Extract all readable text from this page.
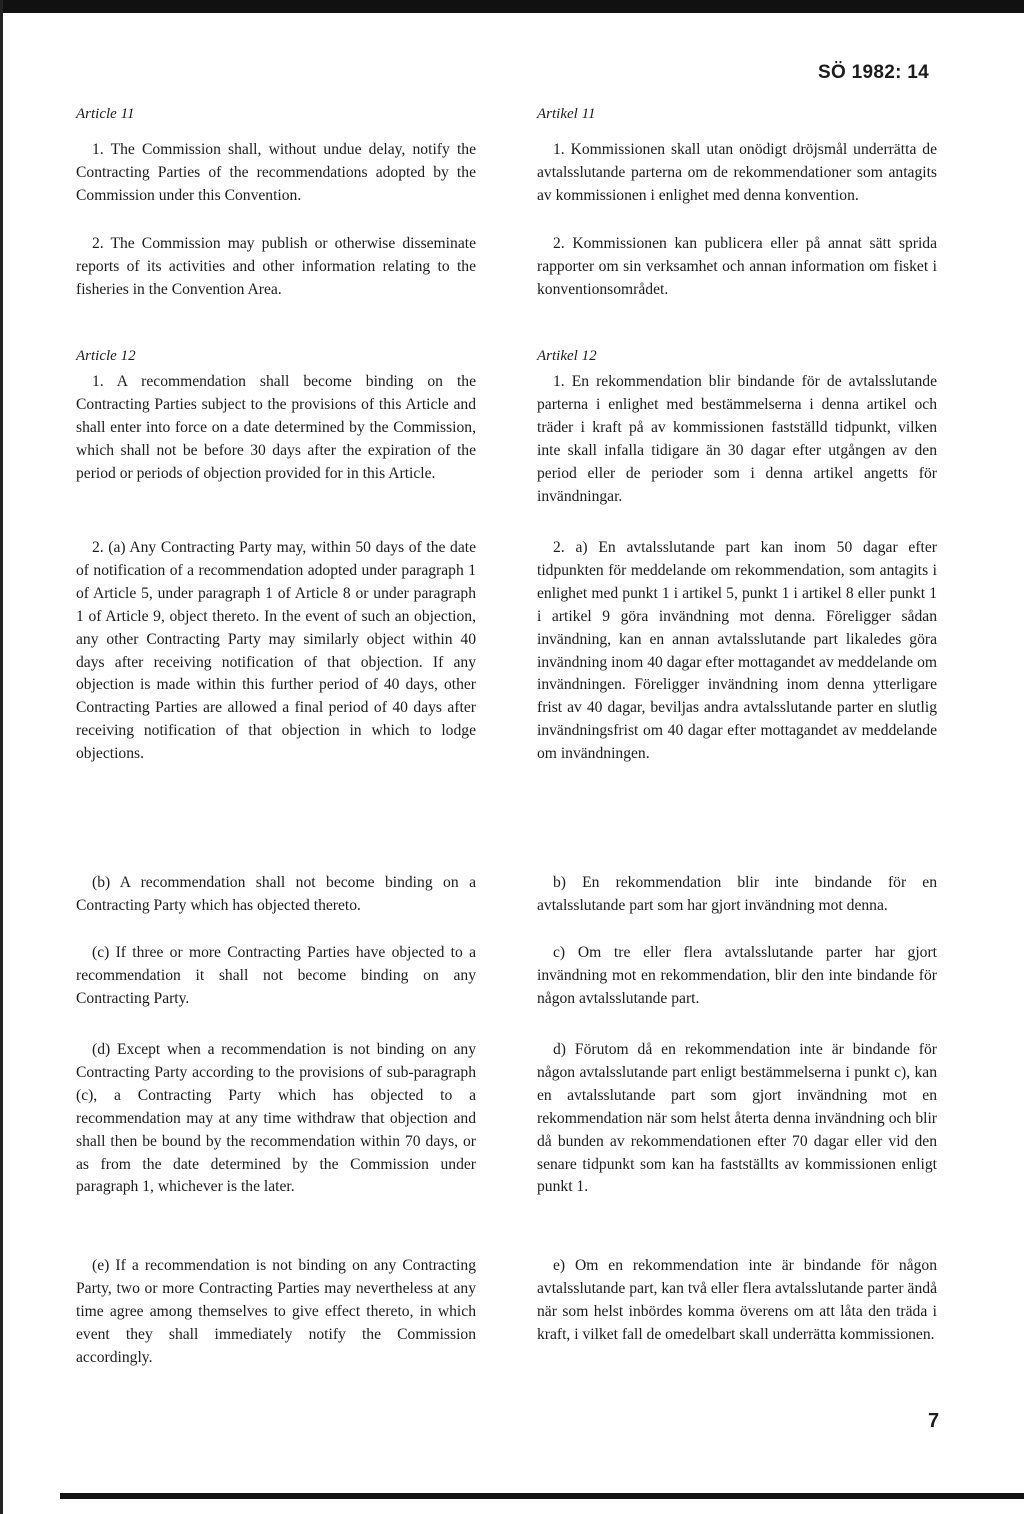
SÖ 1982: 14
Article 11

1. The Commission shall, without undue delay, notify the Contracting Parties of the recommendations adopted by the Commission under this Convention.

2. The Commission may publish or otherwise disseminate reports of its activities and other information relating to the fisheries in the Convention Area.

Article 12

1. A recommendation shall become binding on the Contracting Parties subject to the provisions of this Article and shall enter into force on a date determined by the Commission, which shall not be before 30 days after the expiration of the period or periods of objection provided for in this Article.

2. (a) Any Contracting Party may, within 50 days of the date of notification of a recommendation adopted under paragraph 1 of Article 5, under paragraph 1 of Article 8 or under paragraph 1 of Article 9, object thereto. In the event of such an objection, any other Contracting Party may similarly object within 40 days after receiving notification of that objection. If any objection is made within this further period of 40 days, other Contracting Parties are allowed a final period of 40 days after receiving notification of that objection in which to lodge objections.

(b) A recommendation shall not become binding on a Contracting Party which has objected thereto.

(c) If three or more Contracting Parties have objected to a recommendation it shall not become binding on any Contracting Party.

(d) Except when a recommendation is not binding on any Contracting Party according to the provisions of sub-paragraph (c), a Contracting Party which has objected to a recommendation may at any time withdraw that objection and shall then be bound by the recommendation within 70 days, or as from the date determined by the Commission under paragraph 1, whichever is the later.

(e) If a recommendation is not binding on any Contracting Party, two or more Contracting Parties may nevertheless at any time agree among themselves to give effect thereto, in which event they shall immediately notify the Commission accordingly.

Artikel 11

1. Kommissionen skall utan onödigt dröjsmål underrätta de avtalsslutande parterna om de rekommendationer som antagits av kommissionen i enlighet med denna konvention.

2. Kommissionen kan publicera eller på annat sätt sprida rapporter om sin verksamhet och annan information om fisket i konventionsområdet.

Artikel 12

1. En rekommendation blir bindande för de avtalsslutande parterna i enlighet med bestämmelserna i denna artikel och träder i kraft på av kommissionen fastställd tidpunkt, vilken inte skall infalla tidigare än 30 dagar efter utgången av den period eller de perioder som i denna artikel angetts för invändningar.

2. a) En avtalsslutande part kan inom 50 dagar efter tidpunkten för meddelande om rekommendation, som antagits i enlighet med punkt 1 i artikel 5, punkt 1 i artikel 8 eller punkt 1 i artikel 9 göra invändning mot denna. Föreligger sådan invändning, kan en annan avtalsslutande part likaledes göra invändning inom 40 dagar efter mottagandet av meddelande om invändningen. Föreligger invändning inom denna ytterligare frist av 40 dagar, beviljas andra avtalsslutande parter en slutlig invändningsfrist om 40 dagar efter mottagandet av meddelande om invändningen.

b) En rekommendation blir inte bindande för en avtalsslutande part som har gjort invändning mot denna.

c) Om tre eller flera avtalsslutande parter har gjort invändning mot en rekommendation, blir den inte bindande för någon avtalsslutande part.

d) Förutom då en rekommendation inte är bindande för någon avtalsslutande part enligt bestämmelserna i punkt c), kan en avtalsslutande part som gjort invändning mot en rekommendation när som helst återta denna invändning och blir då bunden av rekommendationen efter 70 dagar eller vid den senare tidpunkt som kan ha fastställts av kommissionen enligt punkt 1.

e) Om en rekommendation inte är bindande för någon avtalsslutande part, kan två eller flera avtalsslutande parter ändå när som helst inbördes komma överens om att låta den träda i kraft, i vilket fall de omedelbart skall underrätta kommissionen.

7
